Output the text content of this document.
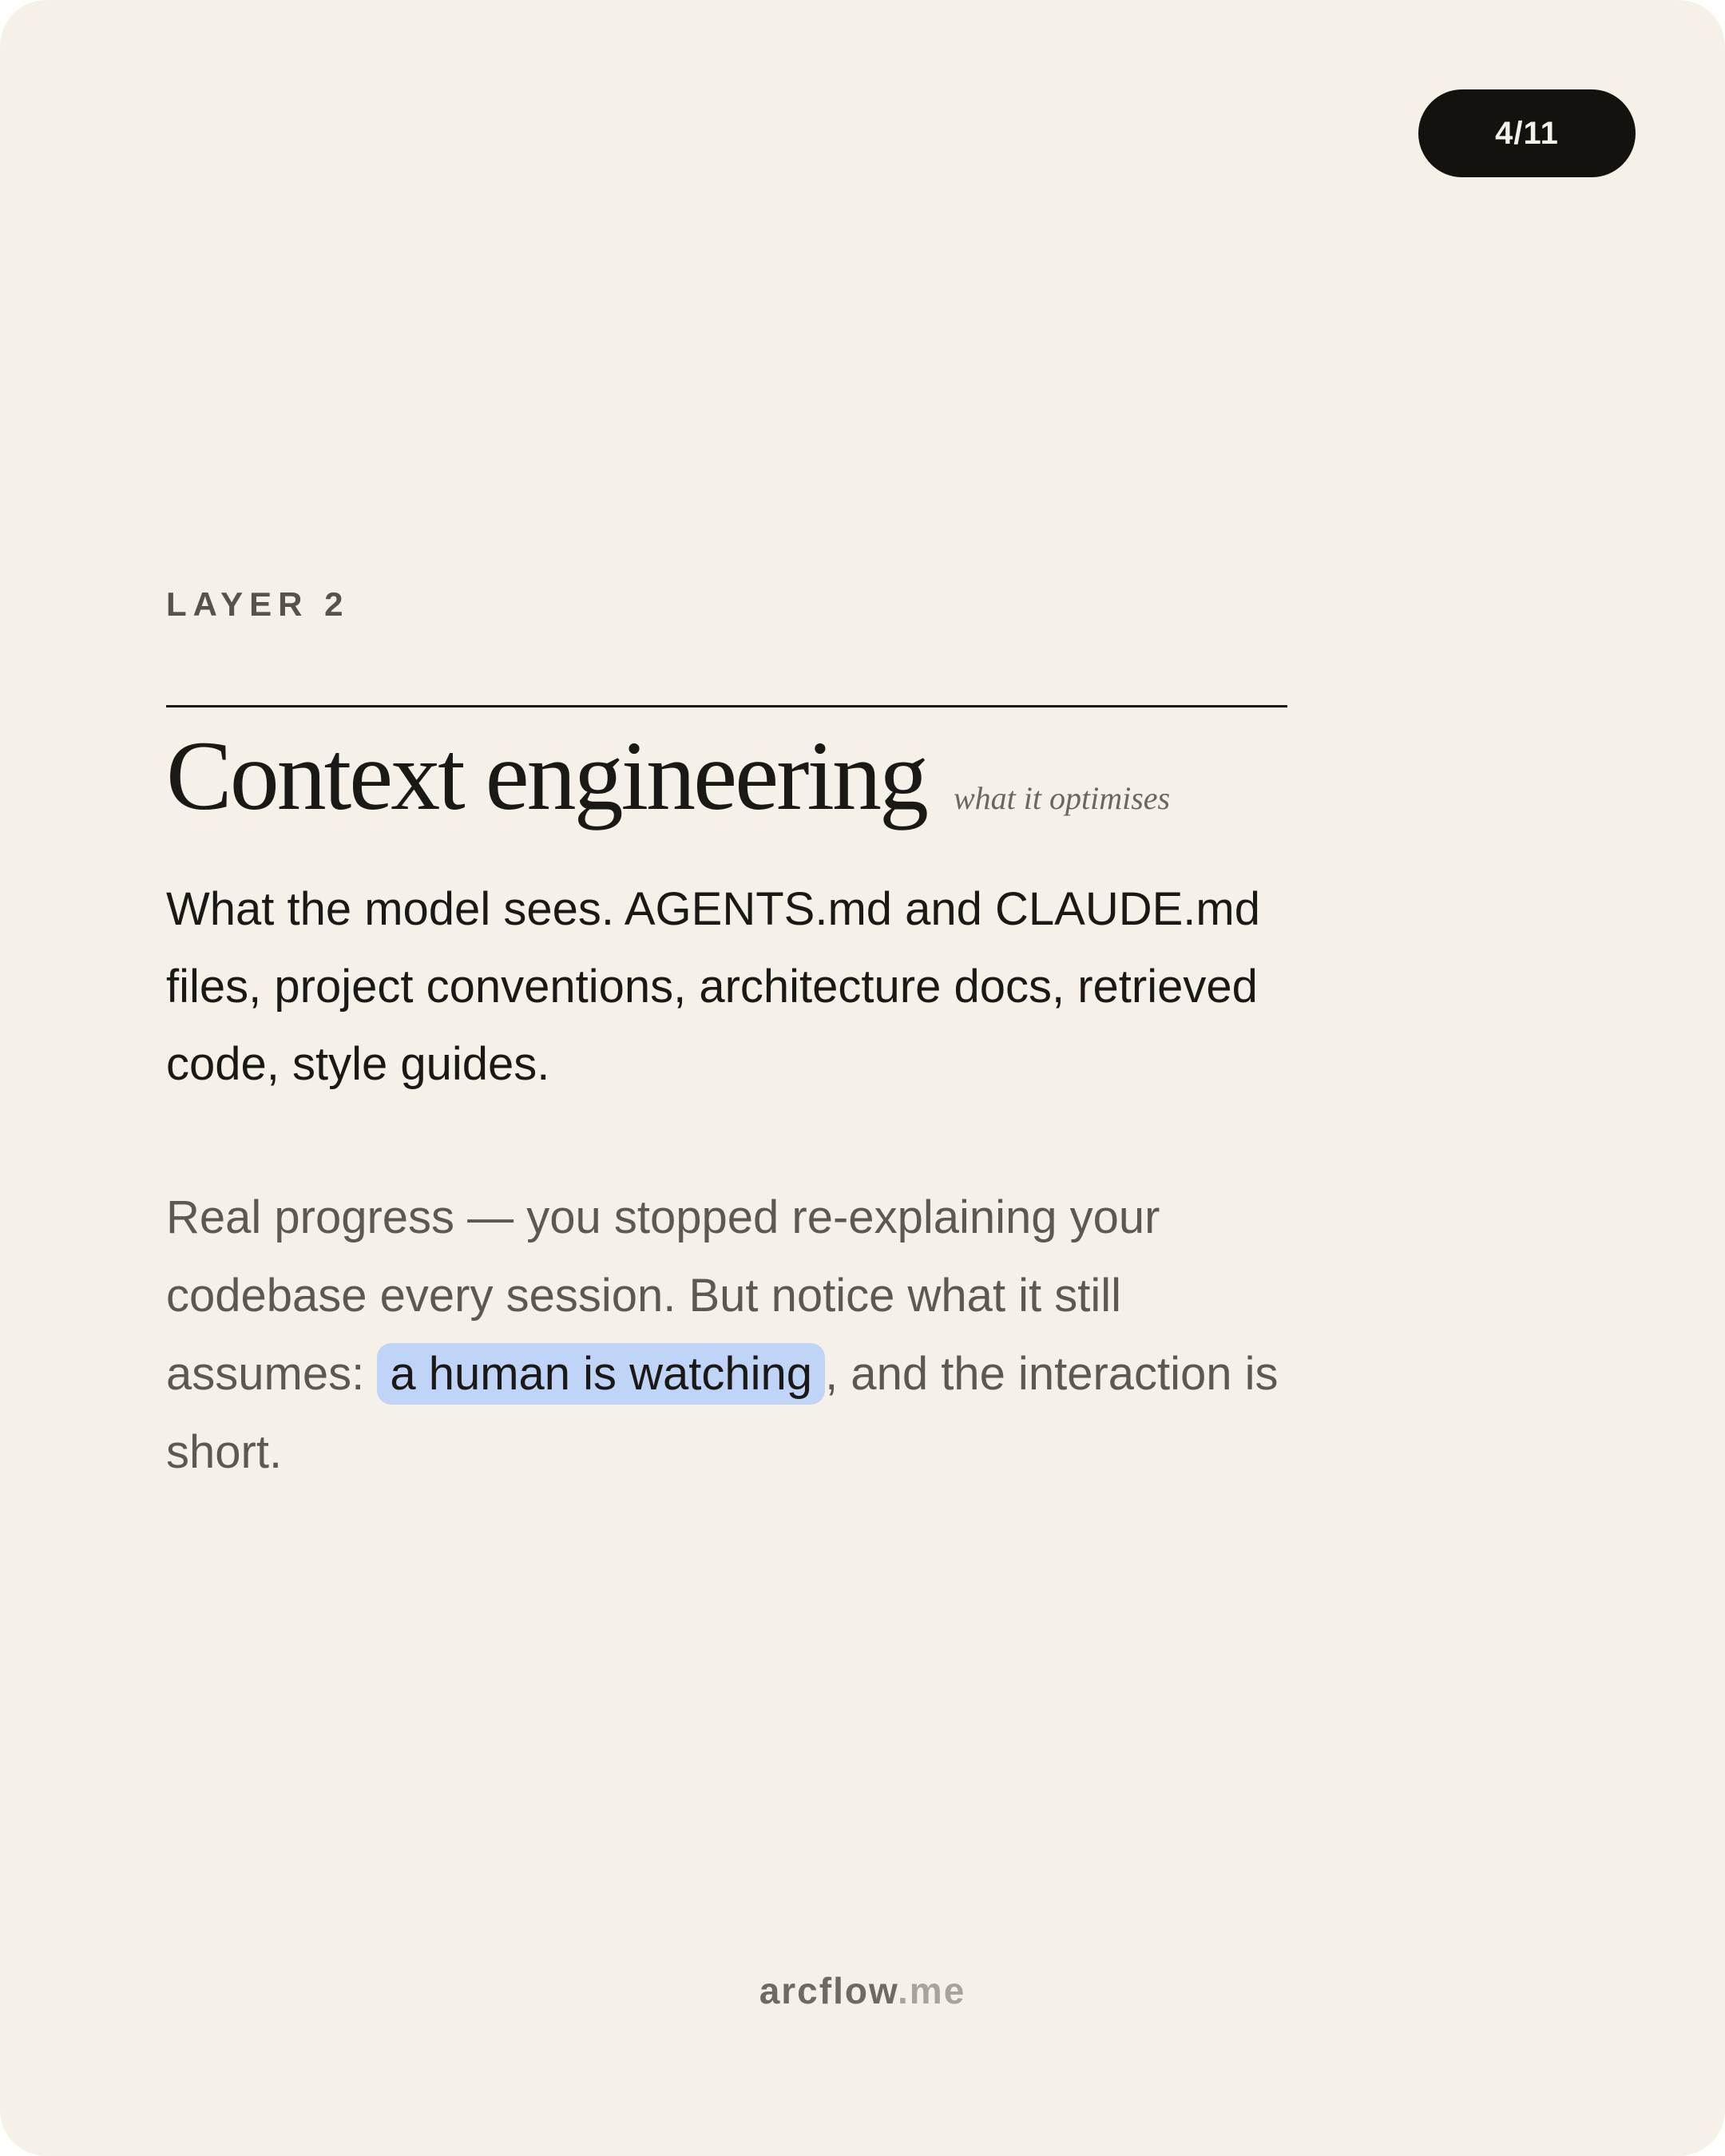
4/11
LAYER 2
Context engineering what it optimises

What the model sees. AGENTS.md and CLAUDE.md files, project conventions, architecture docs, retrieved code, style guides.

Real progress — you stopped re-explaining your codebase every session. But notice what it still assumes: a human is watching , and the interaction is short.

arcflow.me
